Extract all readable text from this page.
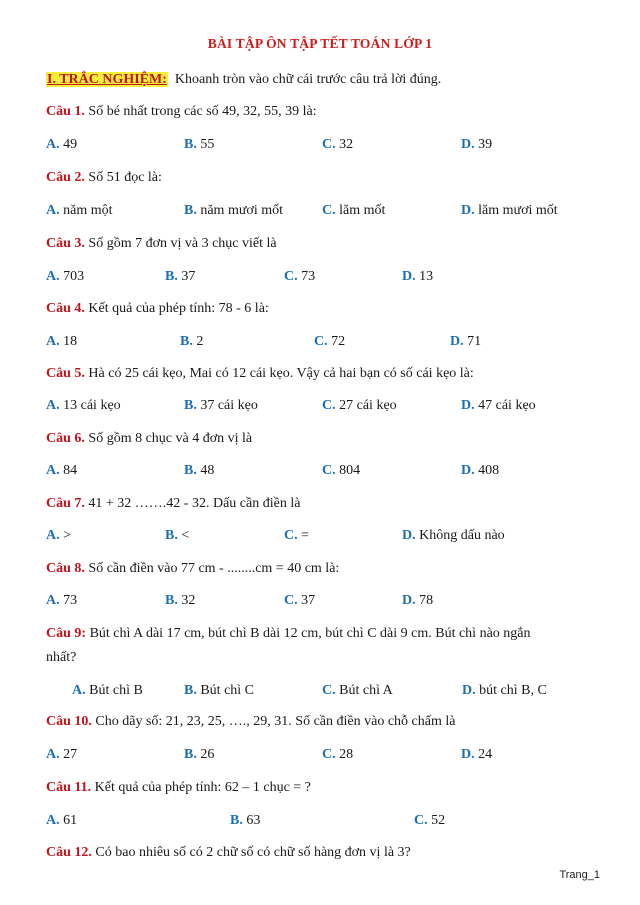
BÀI TẬP ÔN TẬP TẾT TOÁN LỚP 1
I. TRẮC NGHIỆM: Khoanh tròn vào chữ cái trước câu trả lời đúng.
Câu 1. Số bé nhất trong các số 49, 32, 55, 39 là:
A. 49	B. 55	C. 32	D. 39
Câu 2. Số 51 đọc là:
A. năm một	B. năm mươi mốt	C. lăm mốt	D. lăm mươi mốt
Câu 3. Số gồm 7 đơn vị và 3 chục viết là
A. 703	B. 37	C. 73	D. 13
Câu 4. Kết quả của phép tính: 78 - 6 là:
A. 18	B. 2	C. 72	D. 71
Câu 5. Hà có 25 cái kẹo, Mai có 12 cái kẹo. Vậy cả hai bạn có số cái kẹo là:
A. 13 cái kẹo	B. 37 cái kẹo	C. 27 cái kẹo	D. 47 cái kẹo
Câu 6. Số gồm 8 chục và 4 đơn vị là
A. 84	B. 48	C. 804	D. 408
Câu 7. 41 + 32 …….42 - 32. Dấu cần điền là
A. >	B. <	C. =	D. Không dấu nào
Câu 8. Số cần điền vào 77 cm - ........cm = 40 cm là:
A. 73	B. 32	C. 37	D. 78
Câu 9: Bút chì A dài 17 cm, bút chì B dài 12 cm, bút chì C dài 9 cm. Bút chì nào ngắn
nhất?
A. Bút chì B	B. Bút chì C	C. Bút chì A	D. bút chì B, C
Câu 10. Cho dãy số: 21, 23, 25, …., 29, 31. Số cần điền vào chỗ chấm là
A. 27	B. 26	C. 28	D. 24
Câu 11. Kết quả của phép tính: 62 – 1 chục = ?
A. 61	B. 63	C. 52
Câu 12. Có bao nhiêu số có 2 chữ số có chữ số hàng đơn vị là 3?
Trang_1
